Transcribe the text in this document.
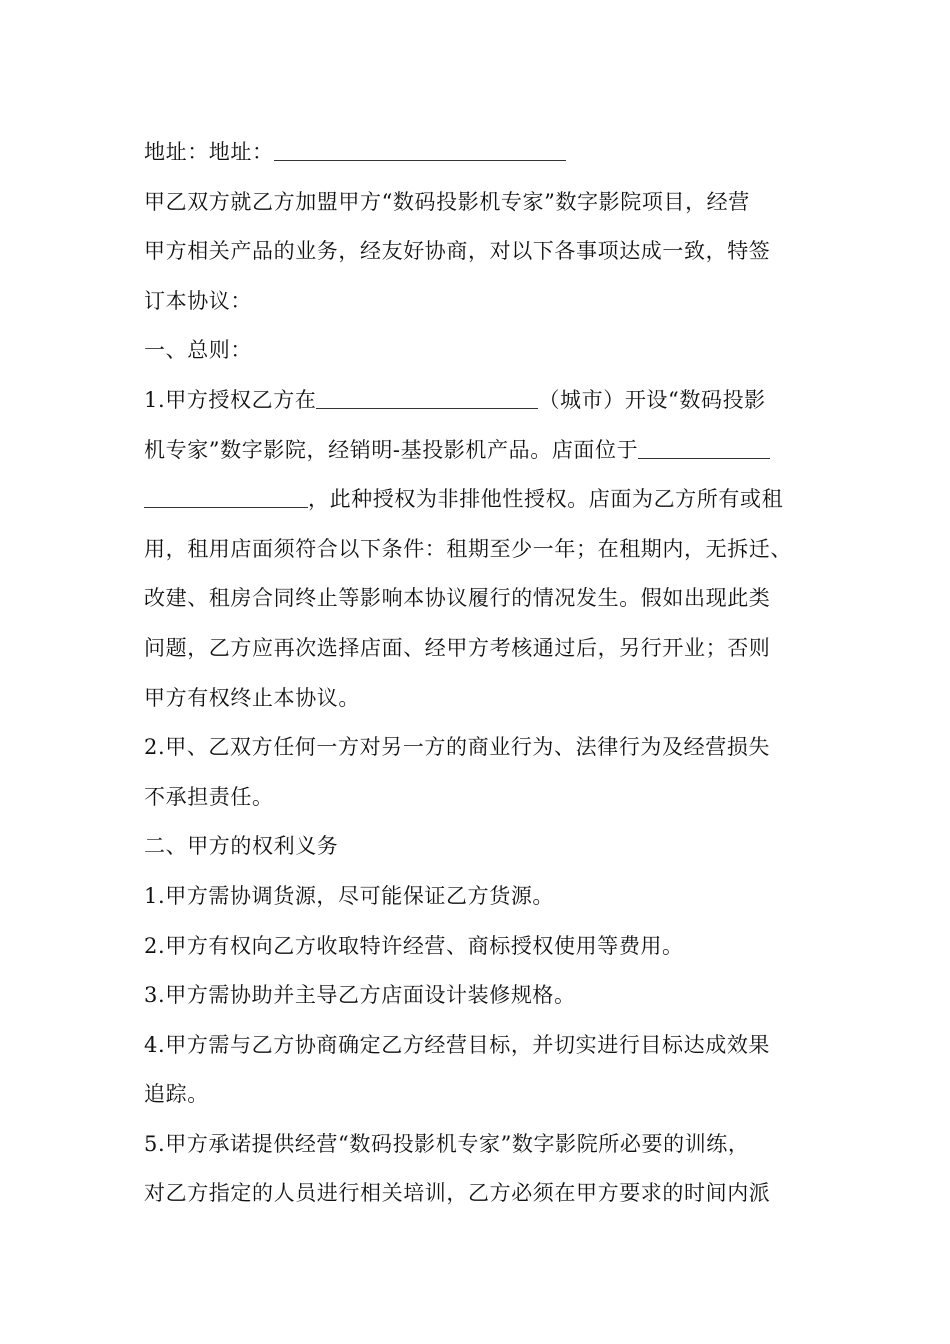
地址：地址：
甲乙双方就乙方加盟甲方“数码投影机专家”数字影院项目，经营
甲方相关产品的业务，经友好协商，对以下各事项达成一致，特签
订本协议：
一、总则：
1.甲方授权乙方在	（城市）开设“数码投影
机专家”数字影院，经销明-基投影机产品。店面位于
，此种授权为非排他性授权。店面为乙方所有或租
用，租用店面须符合以下条件：租期至少一年；在租期内，无拆迁、
改建、租房合同终止等影响本协议履行的情况发生。假如出现此类
问题，乙方应再次选择店面、经甲方考核通过后，另行开业；否则
甲方有权终止本协议。
2.甲、乙双方任何一方对另一方的商业行为、法律行为及经营损失
不承担责任。
二、甲方的权利义务
1.甲方需协调货源，尽可能保证乙方货源。
2.甲方有权向乙方收取特许经营、商标授权使用等费用。
3.甲方需协助并主导乙方店面设计装修规格。
4.甲方需与乙方协商确定乙方经营目标，并切实进行目标达成效果
追踪。
5.甲方承诺提供经营“数码投影机专家”数字影院所必要的训练，
对乙方指定的人员进行相关培训，乙方必须在甲方要求的时间内派
